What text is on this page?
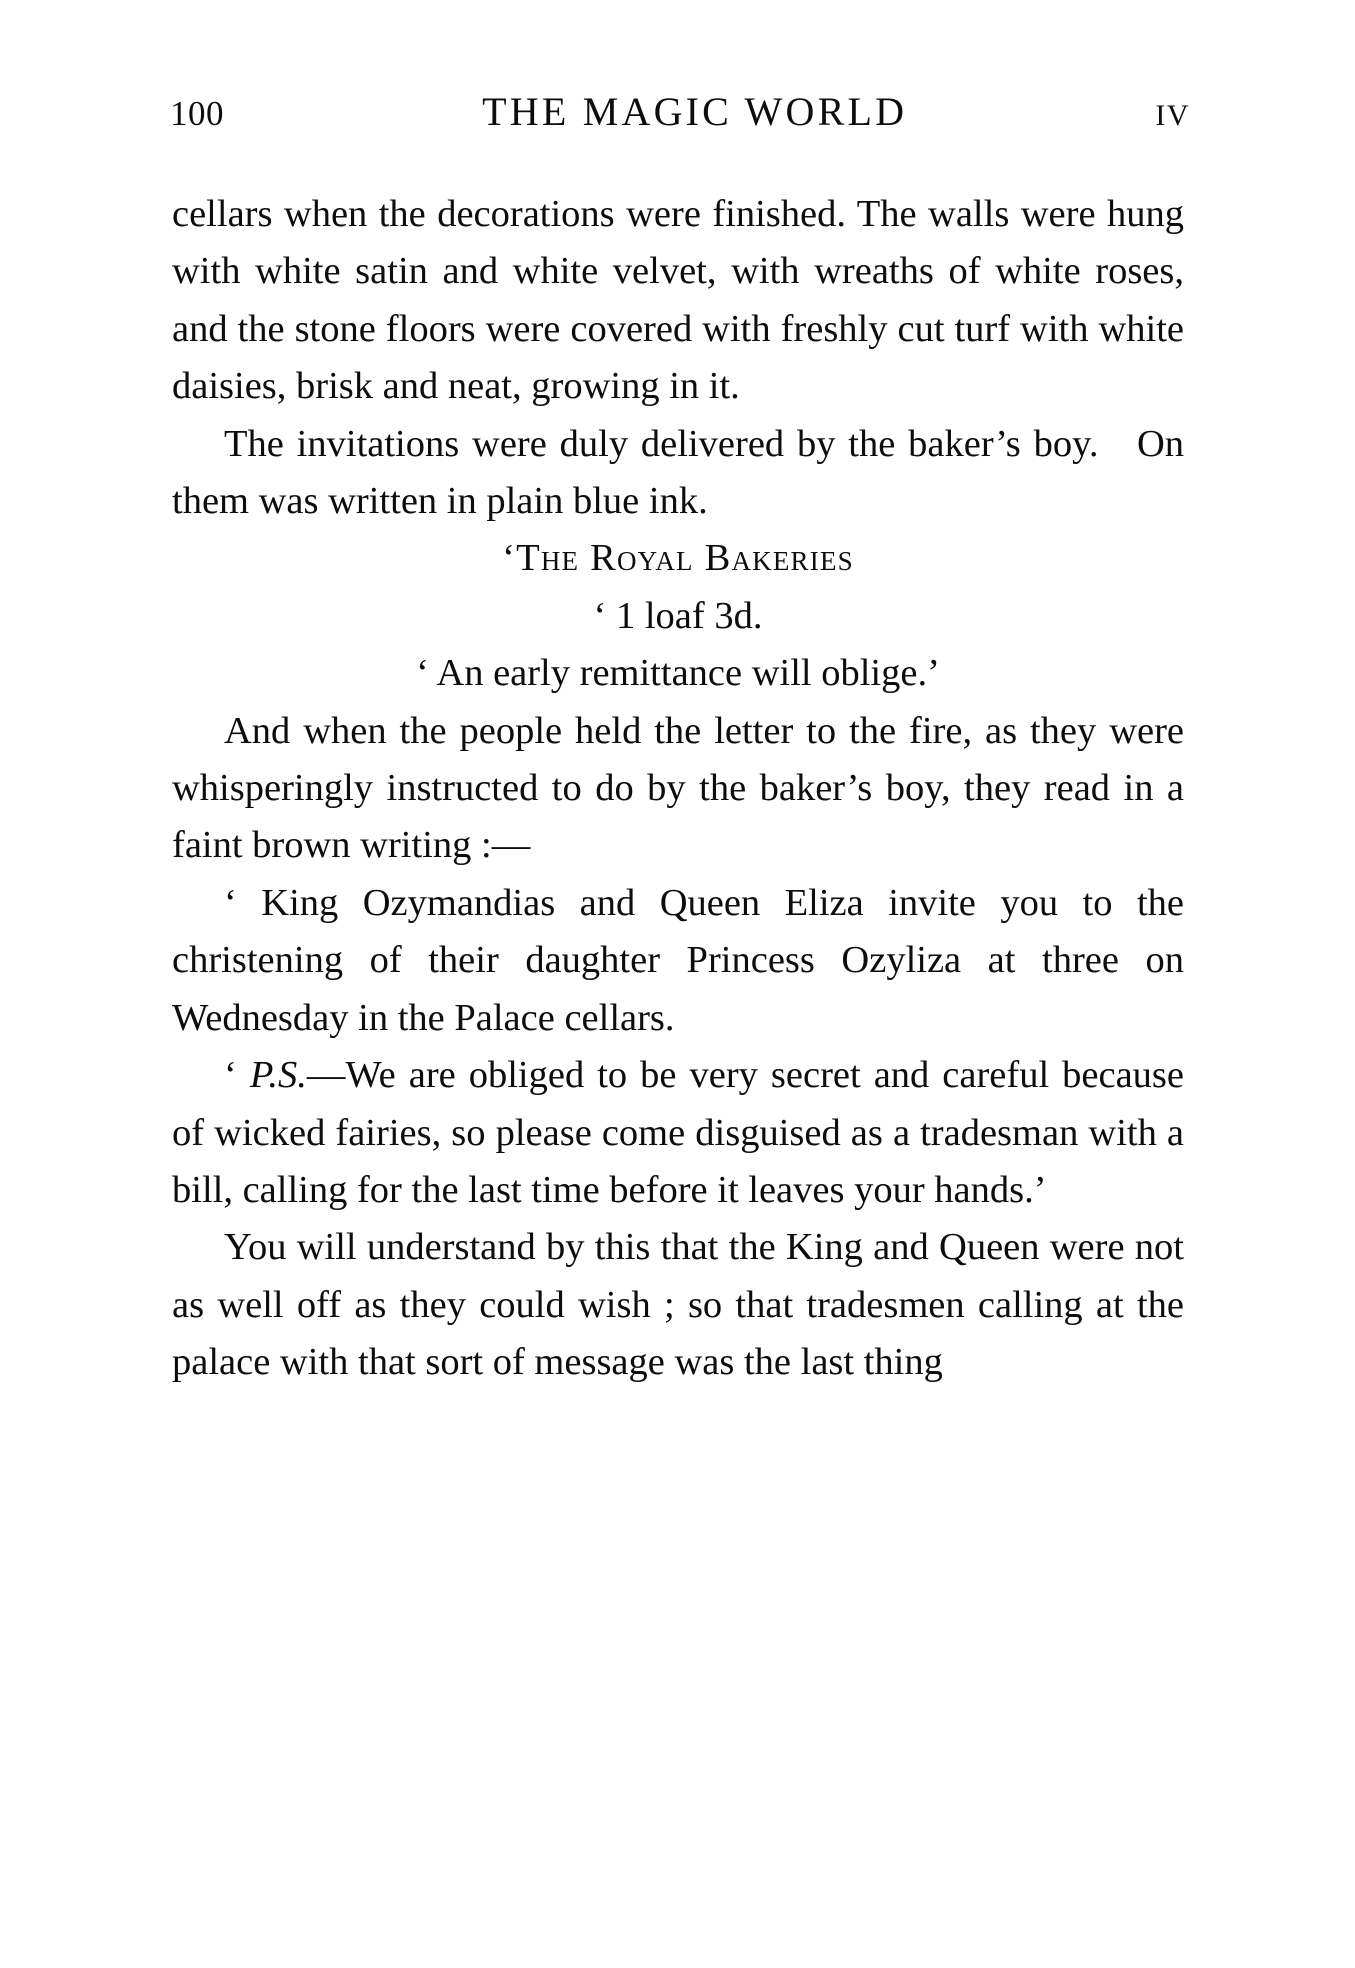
100	THE MAGIC WORLD	IV

cellars when the decorations were finished. The walls were hung with white satin and white velvet, with wreaths of white roses, and the stone floors were covered with freshly cut turf with white daisies, brisk and neat, growing in it.

The invitations were duly delivered by the baker’s boy. On them was written in plain blue ink.

‘The Royal Bakeries

‘ 1 loaf 3d.

‘ An early remittance will oblige.’

And when the people held the letter to the fire, as they were whisperingly instructed to do by the baker’s boy, they read in a faint brown writing :—

‘ King Ozymandias and Queen Eliza invite you to the christening of their daughter Princess Ozyliza at three on Wednesday in the Palace cellars.

‘ P.S.—We are obliged to be very secret and careful because of wicked fairies, so please come disguised as a tradesman with a bill, calling for the last time before it leaves your hands.’

You will understand by this that the King and Queen were not as well off as they could wish ; so that tradesmen calling at the palace with that sort of message was the last thing
